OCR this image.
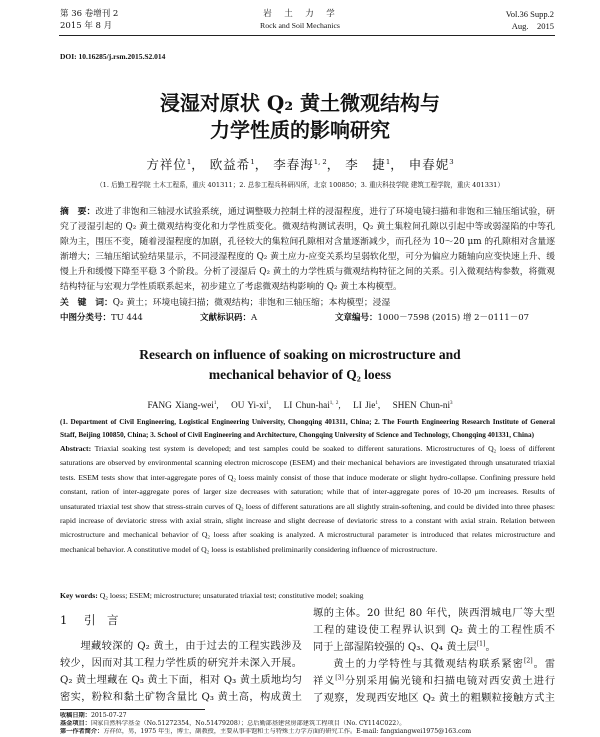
第 36 卷增刊 2
2015 年 8 月
岩　土　力　学
Rock and Soil Mechanics
Vol.36 Supp.2
Aug.　2015
DOI: 10.16285/j.rsm.2015.S2.014
浸湿对原状 Q₂ 黄土微观结构与
力学性质的影响研究
方祥位$^1$， 欧益希$^1$， 李春海$^{1, 2}$， 李　捷$^1$， 申春妮$^3$
（1. 后勤工程学院 土木工程系，重庆 401311；2. 总参工程兵科研四所，北京 100850；3. 重庆科技学院 建筑工程学院，重庆 401331）
摘　要：改进了非饱和三轴浸水试验系统，通过调整吸力控制土样的浸湿程度，进行了环境电镜扫描和非饱和三轴压缩试验，研究了浸湿引起的 Q₂ 黄土微观结构变化和力学性质变化。微观结构测试表明，Q₂ 黄土集粒间孔隙以引起中等或弱湿陷的中等孔隙为主，围压不变，随着浸湿程度的加剧，孔径较大的集粒间孔隙相对含量逐渐减少，而孔径为 10～20 μm 的孔隙相对含量逐渐增大；三轴压缩试验结果显示，不同浸湿程度的 Q₂ 黄土应力-应变关系均呈弱软化型，可分为偏应力随轴向应变快速上升、缓慢上升和缓慢下降至平稳 3 个阶段。分析了浸湿后 Q₂ 黄土的力学性质与微观结构特征之间的关系。引入微观结构参数，将微观结构特征与宏观力学性质联系起来，初步建立了考虑微观结构影响的 Q₂ 黄土本构模型。
关　键　词：Q₂ 黄土；环境电镜扫描；微观结构；非饱和三轴压缩；本构模型；浸湿
中图分类号：TU 444	文献标识码：A	文章编号：1000－7598 (2015) 增 2－0111－07
Research on influence of soaking on microstructure and
mechanical behavior of Q₂ loess
FANG Xiang-wei$^1$,　 OU $Yi-xi^1$,　 LI Chun-hai$^{1, 2}$,　 LI Jie$^1$,　 SHEN Chun-$ni^3$
(1. Department of Civil Engineering, Logistical Engineering University, Chongqing 401311, China; 2. The Fourth Engineering Research Institute of General Staff, Beijing 100850, China; 3. School of Civil Engineering and Architecture, Chongqing University of Science and Technology, Chongqing 401331, China)
Abstract: Triaxial soaking test system is developed; and test samples could be soaked to different saturations. Microstructures of Q₂ loess of different saturations are observed by environmental scanning electron microscope (ESEM) and their mechanical behaviors are investigated through unsaturated triaxial tests. ESEM tests show that inter-aggregate pores of Q₂ loess mainly consist of those that induce moderate or slight hydro-collapse. Confining pressure held constant, ration of inter-aggregate pores of larger size decreases with saturation; while that of inter-aggregate pores of 10-20 μm increases. Results of unsaturated triaxial test show that stress-strain curves of Q₂ loess of different saturations are all slightly strain-softening, and could be divided into three phases: rapid increase of deviatoric stress with axial strain, slight increase and slight decrease of deviatoric stress to a constant with axial strain. Relation between microstructure and mechanical behavior of Q₂ loess after soaking is analyzed. A microstructural parameter is introduced that relates microstructure and mechanical behavior. A constitutive model of Q₂ loess is established preliminarily considering influence of microstructure.
Key words: Q₂ loess; ESEM; microstructure; unsaturated triaxial test; constitutive model; soaking
1 引　言
埋藏较深的 Q₂ 黄土，由于过去的工程实践涉及
较少，因而对其工程力学性质的研究并未深入开展。
Q₂ 黄土埋藏在 Q₃ 黄土下面，相对 Q₃ 黄土质地均匀
密实，粉粒和黏土矿物含量比 Q₃ 黄土高，构成黄土
塬的主体。20 世纪 80 年代，陕西渭城电厂等大型
工程的建设使工程界认识到 Q₂ 黄土的工程性质不
同于上部湿陷较强的 Q₃、Q₄ 黄土层[1]。
黄土的力学特性与其微观结构联系紧密[2]。雷
祥义[3]分别采用偏光镜和扫描电镜对西安黄土进行
了观察，发现西安地区 Q₂ 黄土的粗颗粒接触方式主
收稿日期：2015-07-27
基金项目：国家自然科学基金（No.51272354，No.51479208）；总后勤部基建营房部建筑工程项目（No. CY114C022）。
第一作者简介：方祥位，男，1975 年生，博士，副教授，主要从事非饱和土与特殊土力学方面的研究工作。E-mail: fangxiangwei1975@163.com
